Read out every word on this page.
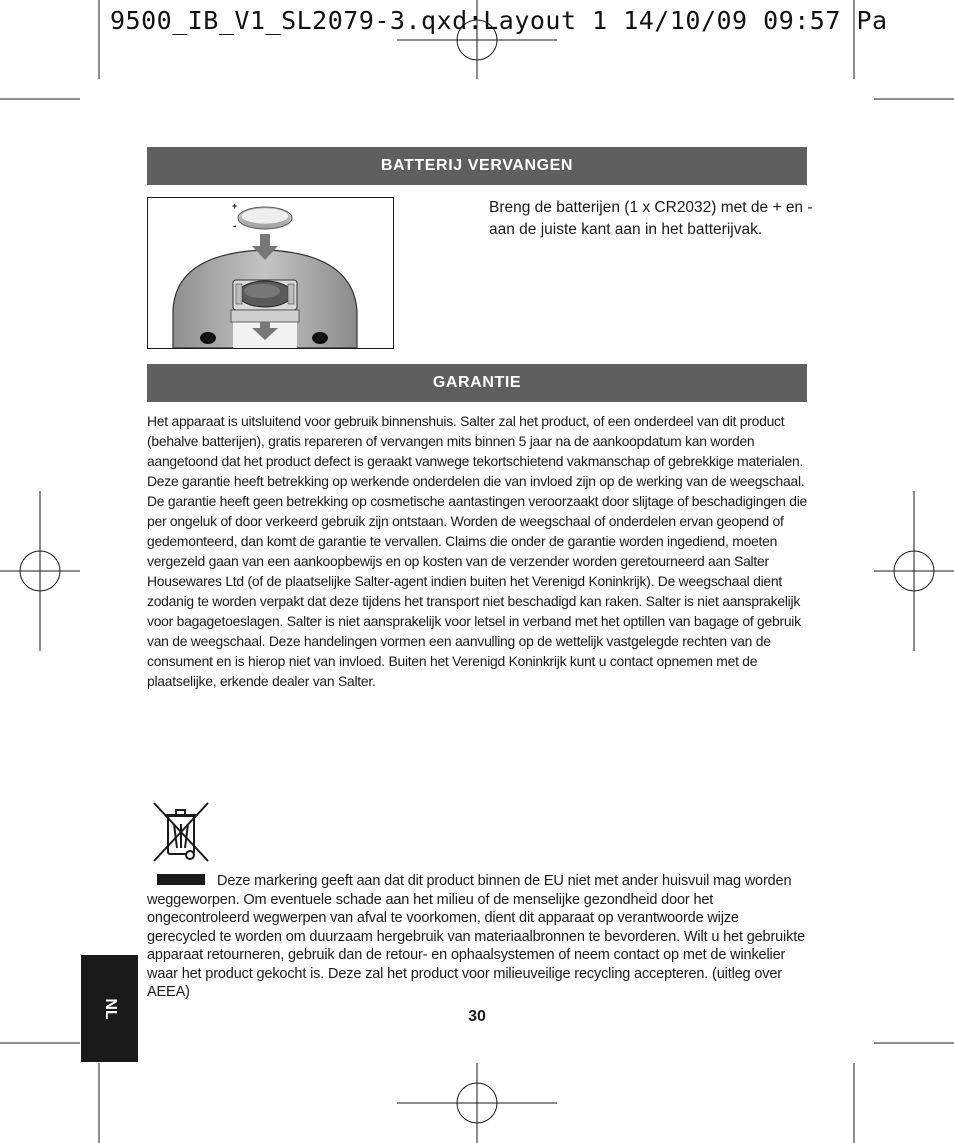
9500_IB_V1_SL2079-3.qxd:Layout 1 14/10/09 09:57 Pa
BATTERIJ VERVANGEN
+
-
Breng de batterijen (1 x CR2032) met de + en - aan de juiste kant aan in het batterijvak.
GARANTIE

Het apparaat is uitsluitend voor gebruik binnenshuis. Salter zal het product, of een onderdeel van dit product (behalve batterijen), gratis repareren of vervangen mits binnen 5 jaar na de aankoopdatum kan worden aangetoond dat het product defect is geraakt vanwege tekortschietend vakmanschap of gebrekkige materialen. Deze garantie heeft betrekking op werkende onderdelen die van invloed zijn op de werking van de weegschaal. De garantie heeft geen betrekking op cosmetische aantastingen veroorzaakt door slijtage of beschadigingen die per ongeluk of door verkeerd gebruik zijn ontstaan. Worden de weegschaal of onderdelen ervan geopend of gedemonteerd, dan komt de garantie te vervallen. Claims die onder de garantie worden ingediend, moeten vergezeld gaan van een aankoopbewijs en op kosten van de verzender worden geretourneerd aan Salter Housewares Ltd (of de plaatselijke Salter-agent indien buiten het Verenigd Koninkrijk). De weegschaal dient zodanig te worden verpakt dat deze tijdens het transport niet beschadigd kan raken. Salter is niet aansprakelijk voor bagagetoeslagen. Salter is niet aansprakelijk voor letsel in verband met het optillen van bagage of gebruik van de weegschaal. Deze handelingen vormen een aanvulling op de wettelijk vastgelegde rechten van de consument en is hierop niet van invloed. Buiten het Verenigd Koninkrijk kunt u contact opnemen met de plaatselijke, erkende dealer van Salter.

Deze markering geeft aan dat dit product binnen de EU niet met ander huisvuil mag worden weggeworpen. Om eventuele schade aan het milieu of de menselijke gezondheid door het ongecontroleerd wegwerpen van afval te voorkomen, dient dit apparaat op verantwoorde wijze gerecycled te worden om duurzaam hergebruik van materiaalbronnen te bevorderen. Wilt u het gebruikte apparaat retourneren, gebruik dan de retour- en ophaalsystemen of neem contact op met de winkelier waar het product gekocht is. Deze zal het product voor milieuveilige recycling accepteren. (uitleg over AEEA)

NL	30
